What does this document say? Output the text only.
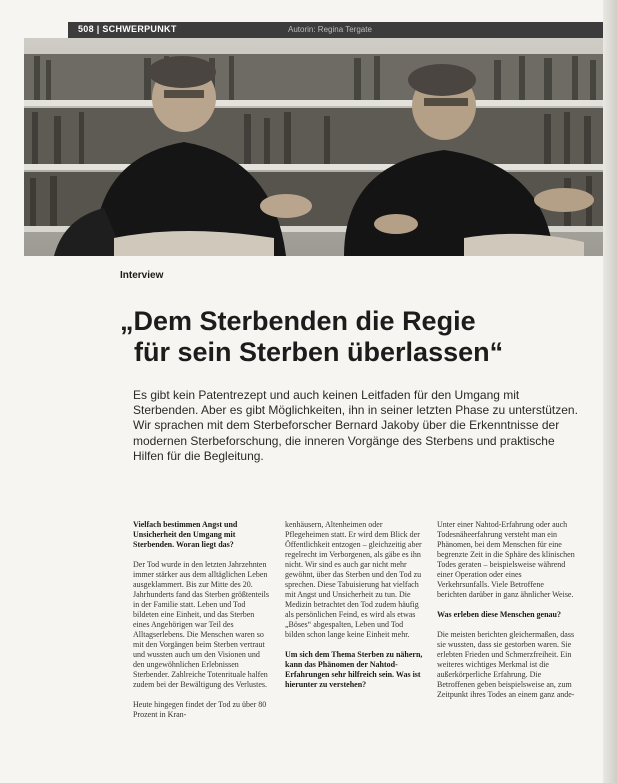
508 | SCHWERPUNKT	Autorin: Regina Tergate
Interview
„Dem Sterbenden die Regie
für sein Sterben überlassen“

Es gibt kein Patentrezept und auch keinen Leitfaden für den Umgang mit Sterbenden. Aber es gibt Möglichkeiten, ihn in seiner letzten Phase zu unterstützen. Wir sprachen mit dem Sterbeforscher Bernard Jakoby über die Erkenntnisse der modernen Sterbeforschung, die inneren Vorgänge des Sterbens und praktische Hilfen für die Begleitung.

Vielfach bestimmen Angst und Unsicherheit den Umgang mit Sterbenden. Woran liegt das?

Der Tod wurde in den letzten Jahrzehnten immer stärker aus dem alltäglichen Leben ausgeklammert. Bis zur Mitte des 20. Jahrhunderts fand das Sterben größtenteils in der Familie statt. Leben und Tod bildeten eine Einheit, und das Sterben eines Angehörigen war Teil des Alltagserlebens. Die Menschen waren so mit den Vorgängen beim Sterben vertraut und wussten auch um den Visionen und den ungewöhnlichen Erlebnissen Sterbender. Zahlreiche Totenrituale halfen zudem bei der Bewältigung des Verlustes.

Heute hingegen findet der Tod zu über 80 Prozent in Kran-

kenhäusern, Altenheimen oder Pflegeheimen statt. Er wird dem Blick der Öffentlichkeit entzogen – gleichzeitig aber regelrecht im Verborgenen, als gäbe es ihn nicht. Wir sind es auch gar nicht mehr gewöhnt, über das Sterben und den Tod zu sprechen. Diese Tabuisierung hat vielfach mit Angst und Unsicherheit zu tun. Die Medizin betrachtet den Tod zudem häufig als persönlichen Feind, es wird als etwas „Böses“ abgespalten, Leben und Tod bilden schon lange keine Einheit mehr.

Um sich dem Thema Sterben zu nähern, kann das Phänomen der Nahtod-Erfahrungen sehr hilfreich sein. Was ist hierunter zu verstehen?

Unter einer Nahtod-Erfahrung oder auch Todesnäheerfahrung versteht man ein Phänomen, bei dem Menschen für eine begrenzte Zeit in die Sphäre des klinischen Todes geraten – beispielsweise während einer Operation oder eines Verkehrsunfalls. Viele Betroffene berichten darüber in ganz ähnlicher Weise.

Was erleben diese Menschen genau?

Die meisten berichten gleichermaßen, dass sie wussten, dass sie gestorben waren. Sie erlebten Frieden und Schmerzfreiheit. Ein weiteres wichtiges Merkmal ist die außerkörperliche Erfahrung. Die Betroffenen geben beispielsweise an, zum Zeitpunkt ihres Todes an einem ganz ande-
